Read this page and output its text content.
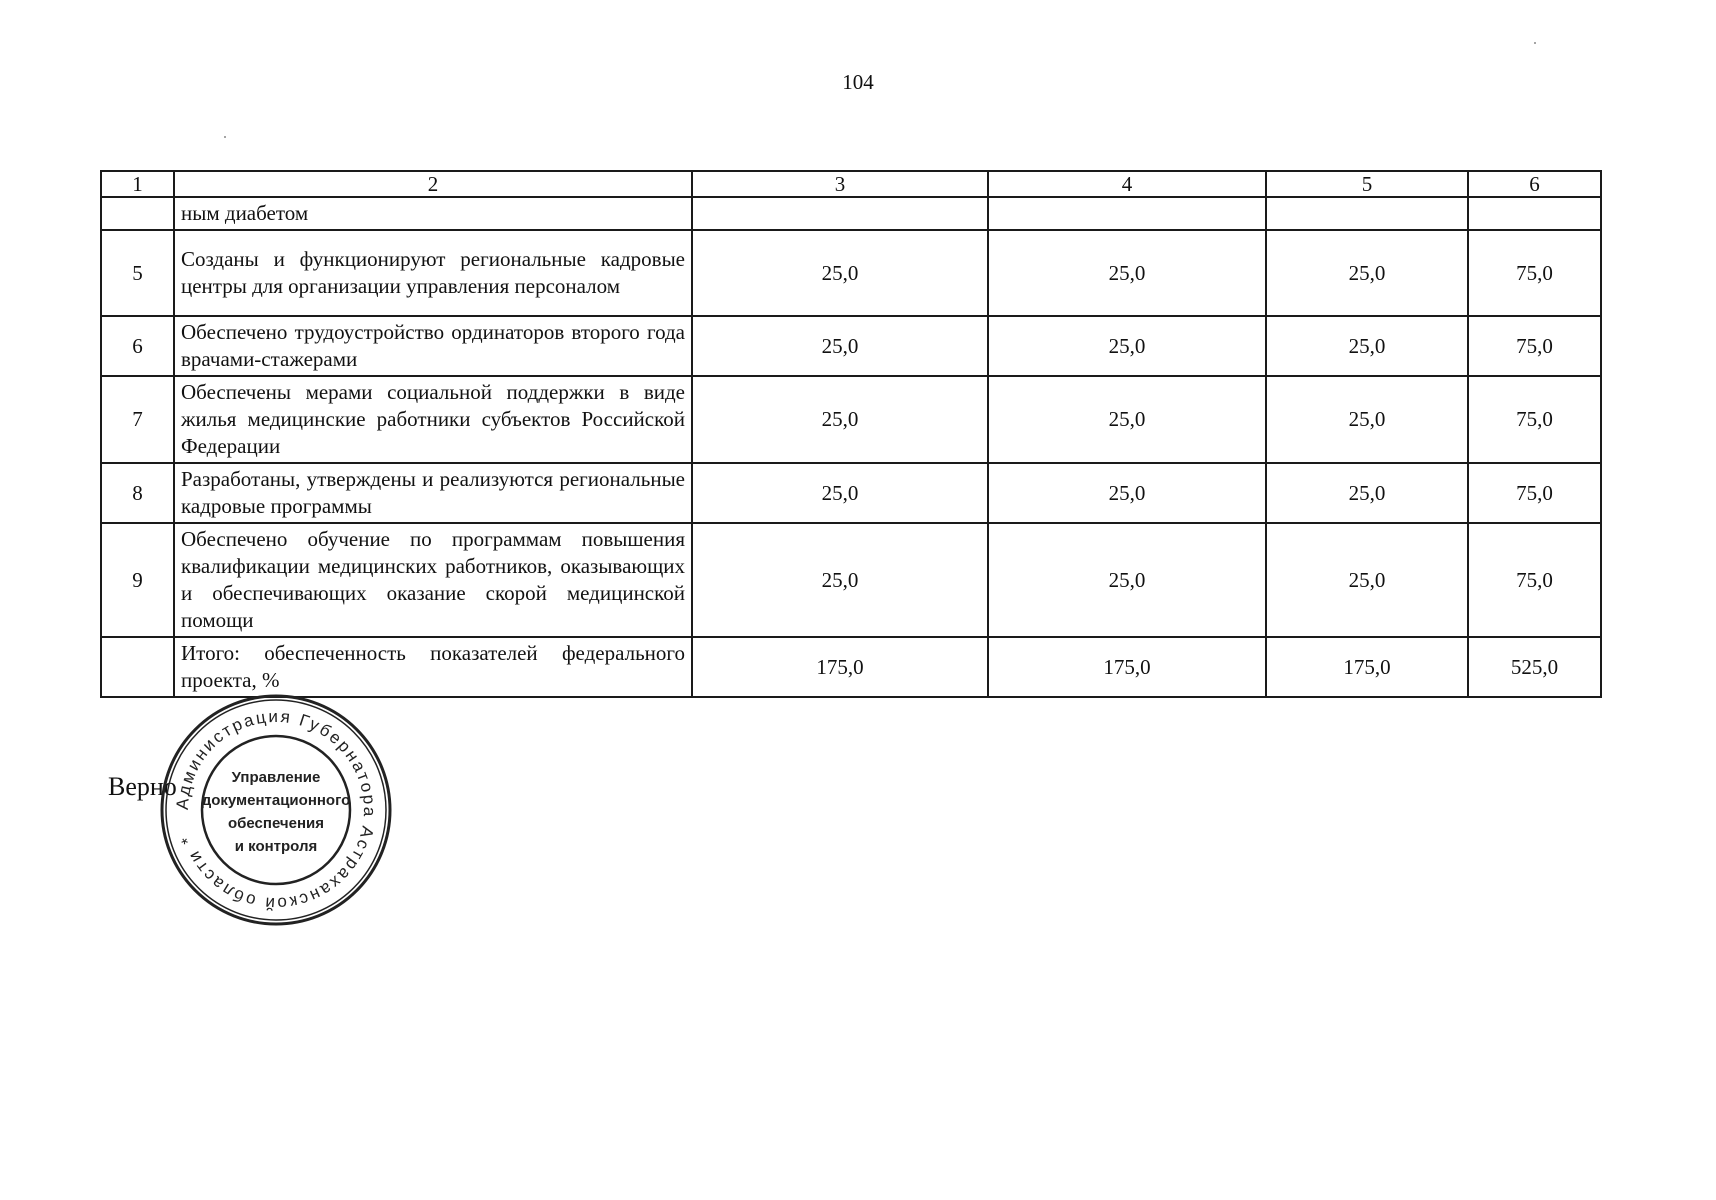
104
1	2	3	4	5	6
	ным диабетом				
5	Созданы и функционируют региональные кадровые центры для организации управления персоналом	25,0	25,0	25,0	75,0
6	Обеспечено трудоустройство ординаторов второго года врачами-стажерами	25,0	25,0	25,0	75,0
7	Обеспечены мерами социальной поддержки в виде жилья медицинские работники субъектов Российской Федерации	25,0	25,0	25,0	75,0
8	Разработаны, утверждены и реализуются региональные кадровые программы	25,0	25,0	25,0	75,0
9	Обеспечено обучение по программам повышения квалификации медицинских работников, оказывающих и обеспечивающих оказание скорой медицинской помощи	25,0	25,0	25,0	75,0
	Итого: обеспеченность показателей федерального проекта, %	175,0	175,0	175,0	525,0
Верно
Администрация Губернатора Астраханской области *
Управление
документационного
обеспечения
и контроля
